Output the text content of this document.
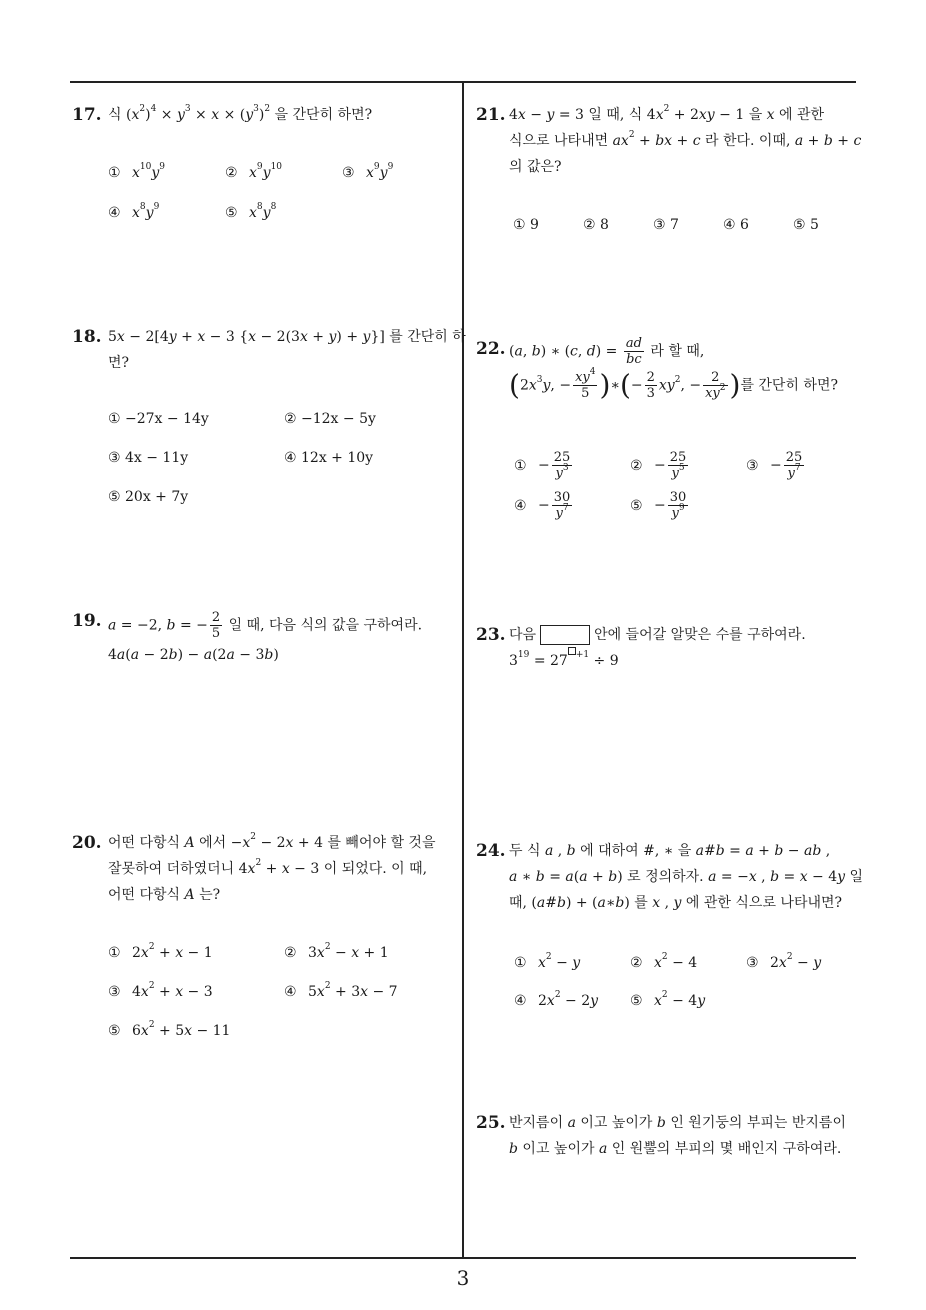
17. 식 $(x^2)^4 \times y^3 \times x \times (y^3)^2$ 을 간단히 하면?
① $x^{10}y^9$	② $x^9y^{10}$	③ $x^9y^9$
④ $x^8y^9$	⑤ $x^8y^8$
18. 5x − 2[4y + x − 3 {x − 2(3x + y) + y}] 를 간단히 하
면?
① −27x − 14y	② −12x − 5y
③ 4x − 11y	④ 12x + 10y
⑤ 20x + 7y
19. a = −2, b = − $\frac{2}{5}$ 일 때, 다음 식의 값을 구하여라.
4a(a − 2b) − a(2a − 3b)
20. 어떤 다항식 A 에서 $-x^2 - 2x + 4$ 를 빼어야 할 것을
잘못하여 더하였더니 $4x^2 + x - 3$ 이 되었다. 이 때,
어떤 다항식 A 는?
① $2x^2 + x - 1$	② $3x^2 - x + 1$
③ $4x^2 + x - 3$	④ $5x^2 + 3x - 7$
⑤ $6x^2 + 5x - 11$
21. 4x − y = 3 일 때, 식 $4x^2 + 2xy - 1$ 을 x 에 관한
식으로 나타내면 $ax^2$ + bx + c 라 한다. 이때, a + b + c
의 값은?
① 9	② 8	③ 7	④ 6	⑤ 5
22. (a, b) ∗ (c, $d) = \frac{ad}{bc}$ 라 할 때,
($2x^3y$, − $\frac{xy^4}{5}$ )∗(− $\frac{2}{3} xy^2$, − $\frac{2}{xy^2}$ )를 간단히 하면?
① − $\frac{25}{y^3}$	② − $\frac{25}{y^5}$	③ − $\frac{25}{y^7}$
④ − $\frac{30}{y^7}$	⑤ − $\frac{30}{y^9}$
23. 다음	안에 들어갈 알맞은 수를 구하여라.
$3^{19} = 27$ $^{+1}$ ÷ 9
24. 두 식 a , b 에 대하여 #, ∗ 을 a#b = a + b − ab ,
a ∗ b = a(a + b) 로 정의하자. a = −x , b = x − 4y 일
때, (a#b) + (a∗b) 를 x , y 에 관한 식으로 나타내면?
① $x^2 - y$	② $x^2 - 4$	③ $2x^2 - y$
④ $2x^2 - 2y$ ⑤ $x^2 - 4y$
25. 반지름이 a 이고 높이가 b 인 원기둥의 부피는 반지름이
b 이고 높이가 a 인 원뿔의 부피의 몇 배인지 구하여라.
3
